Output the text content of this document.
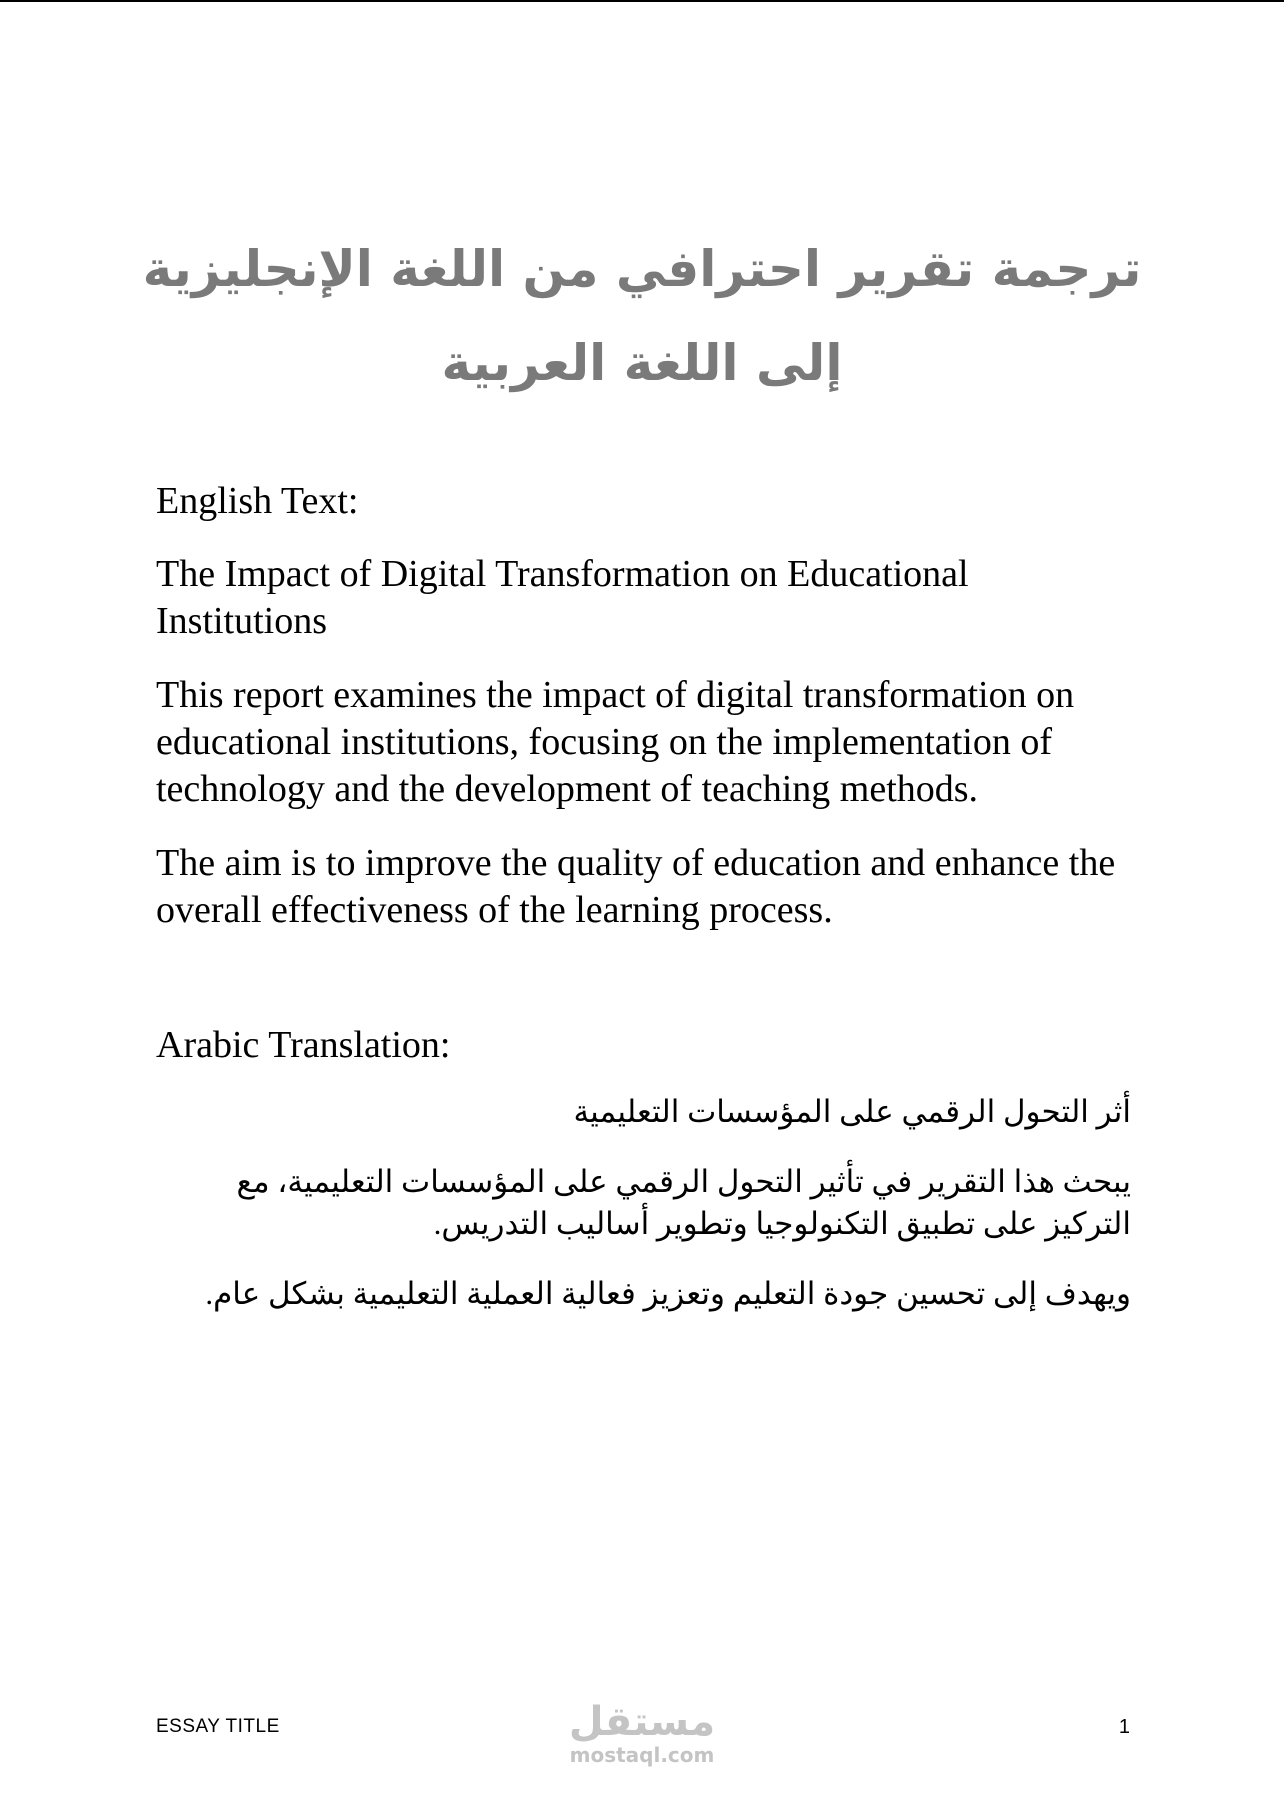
ترجمة تقرير احترافي من اللغة الإنجليزية
إلى اللغة العربية

English Text:

The Impact of Digital Transformation on Educational Institutions

This report examines the impact of digital transformation on educational institutions, focusing on the implementation of technology and the development of teaching methods.

The aim is to improve the quality of education and enhance the overall effectiveness of the learning process.

Arabic Translation:

أثر التحول الرقمي على المؤسسات التعليمية

يبحث هذا التقرير في تأثير التحول الرقمي على المؤسسات التعليمية، مع التركيز على تطبيق التكنولوجيا وتطوير أساليب التدريس.

ويهدف إلى تحسين جودة التعليم وتعزيز فعالية العملية التعليمية بشكل عام.

ESSAY TITLE	مستقل
mostaql.com
1
